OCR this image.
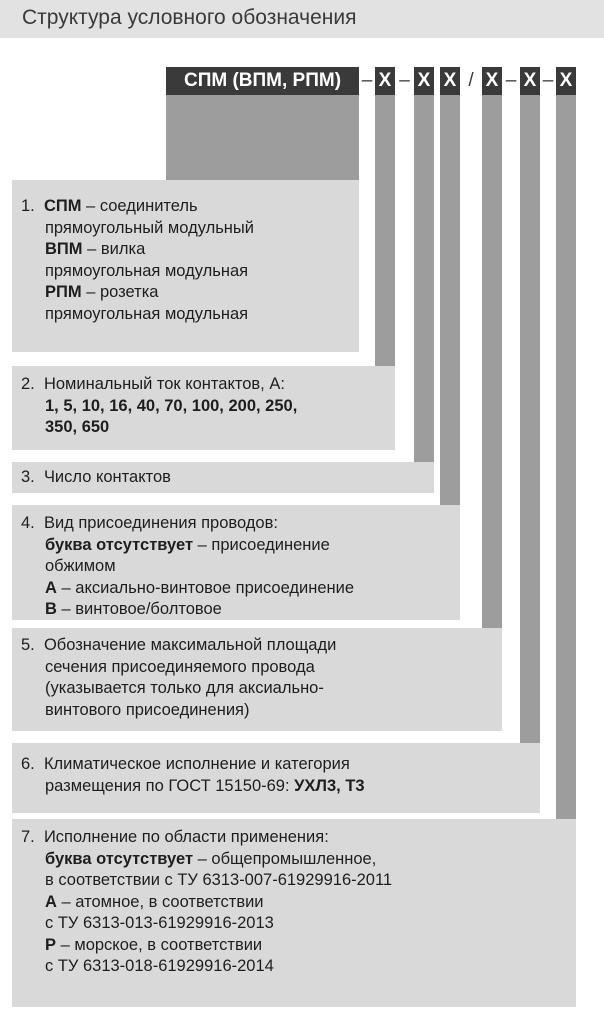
Структура условного обозначения
СПМ (ВПМ, РПМ)	– Х – Х Х / Х – Х – Х
1. СПМ – соединитель
прямоугольный модульный
ВПМ – вилка
прямоугольная модульная
РПМ – розетка
прямоугольная модульная
2. Номинальный ток контактов, А:
1, 5, 10, 16, 40, 70, 100, 200, 250,
350, 650
3. Число контактов
4. Вид присоединения проводов:
буква отсутствует – присоединение
обжимом
А – аксиально-винтовое присоединение
В – винтовое/болтовое
5. Обозначение максимальной площади
сечения присоединяемого провода
(указывается только для аксиально-
винтового присоединения)
6. Климатическое исполнение и категория
размещения по ГОСТ 15150-69: УХЛ3, Т3
7. Исполнение по области применения:
буква отсутствует – общепромышленное,
в соответствии с ТУ 6313-007-61929916-2011
А – атомное, в соответствии
с ТУ 6313-013-61929916-2013
Р – морское, в соответствии
с ТУ 6313-018-61929916-2014
